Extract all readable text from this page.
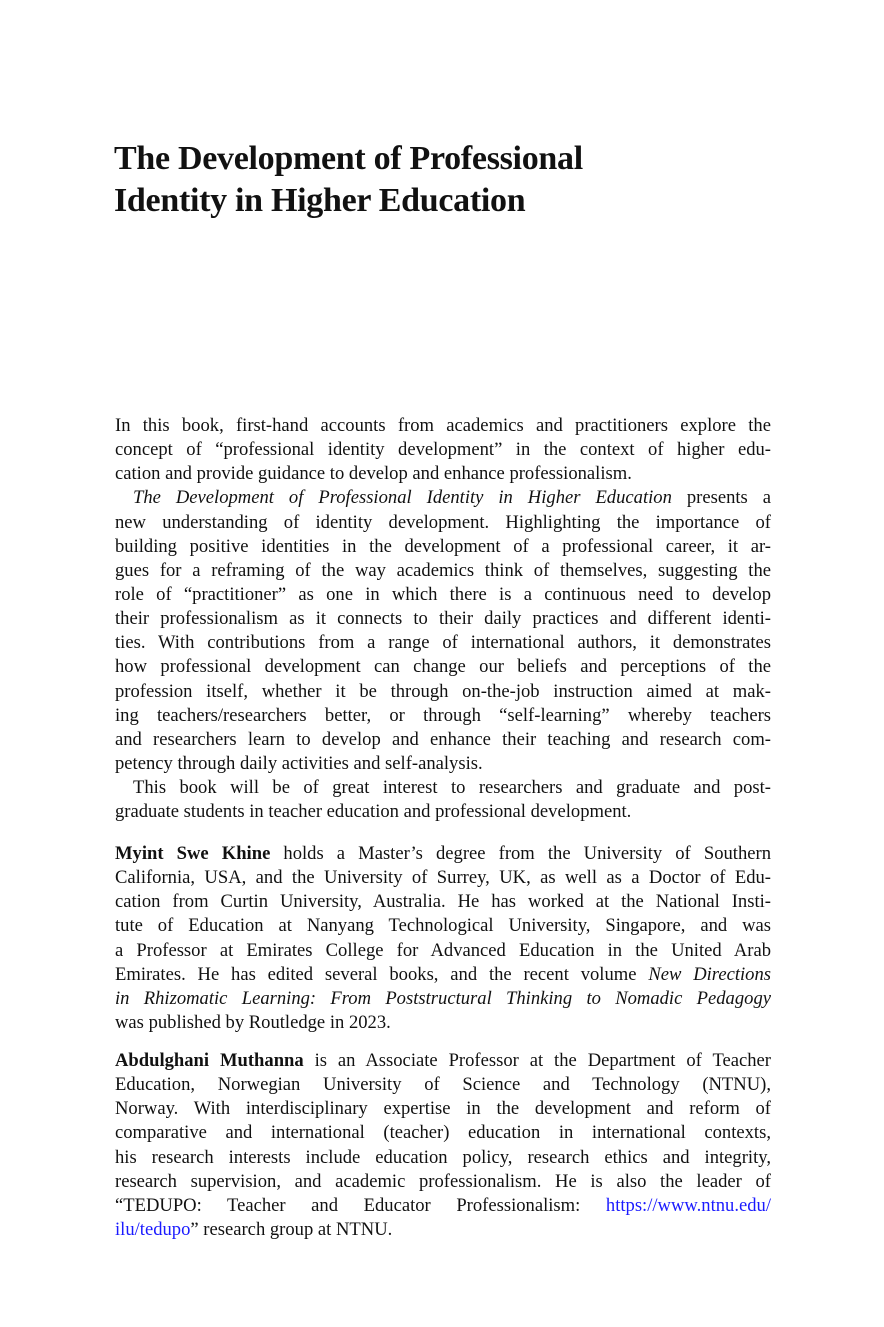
The Development of Professional
Identity in Higher Education
In this book, first-hand accounts from academics and practitioners explore the
concept of “professional identity development” in the context of higher edu-
cation and provide guidance to develop and enhance professionalism.
The Development of Professional Identity in Higher Education presents a
new understanding of identity development. Highlighting the importance of
building positive identities in the development of a professional career, it ar-
gues for a reframing of the way academics think of themselves, suggesting the
role of “practitioner” as one in which there is a continuous need to develop
their professionalism as it connects to their daily practices and different identi-
ties. With contributions from a range of international authors, it demonstrates
how professional development can change our beliefs and perceptions of the
profession itself, whether it be through on-the-job instruction aimed at mak-
ing teachers/researchers better, or through “self-learning” whereby teachers
and researchers learn to develop and enhance their teaching and research com-
petency through daily activities and self-analysis.
This book will be of great interest to researchers and graduate and post-
graduate students in teacher education and professional development.
Myint Swe Khine holds a Master’s degree from the University of Southern
California, USA, and the University of Surrey, UK, as well as a Doctor of Edu-
cation from Curtin University, Australia. He has worked at the National Insti-
tute of Education at Nanyang Technological University, Singapore, and was
a Professor at Emirates College for Advanced Education in the United Arab
Emirates. He has edited several books, and the recent volume New Directions
in Rhizomatic Learning: From Poststructural Thinking to Nomadic Pedagogy
was published by Routledge in 2023.
Abdulghani Muthanna is an Associate Professor at the Department of Teacher
Education, Norwegian University of Science and Technology (NTNU),
Norway. With interdisciplinary expertise in the development and reform of
comparative and international (teacher) education in international contexts,
his research interests include education policy, research ethics and integrity,
research supervision, and academic professionalism. He is also the leader of
“TEDUPO: Teacher and Educator Professionalism: https://www.ntnu.edu/
ilu/tedupo” research group at NTNU.
